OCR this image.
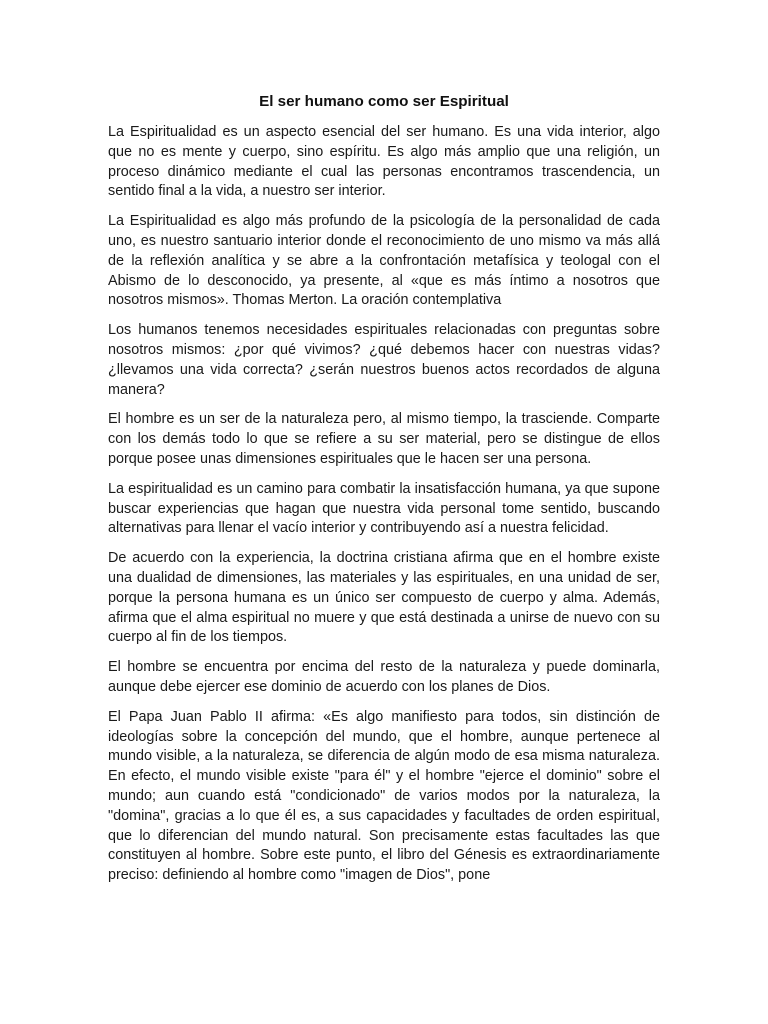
El ser humano como ser Espiritual

La Espiritualidad es un aspecto esencial del ser humano. Es una vida interior, algo que no es mente y cuerpo, sino espíritu. Es algo más amplio que una religión, un proceso dinámico mediante el cual las personas encontramos trascendencia, un sentido final a la vida, a nuestro ser interior.

La Espiritualidad es algo más profundo de la psicología de la personalidad de cada uno, es nuestro santuario interior donde el reconocimiento de uno mismo va más allá de la reflexión analítica y se abre a la confrontación metafísica y teologal con el Abismo de lo desconocido, ya presente, al «que es más íntimo a nosotros que nosotros mismos». Thomas Merton. La oración contemplativa

Los humanos tenemos necesidades espirituales relacionadas con preguntas sobre nosotros mismos: ¿por qué vivimos? ¿qué debemos hacer con nuestras vidas? ¿llevamos una vida correcta? ¿serán nuestros buenos actos recordados de alguna manera?

El hombre es un ser de la naturaleza pero, al mismo tiempo, la trasciende. Comparte con los demás todo lo que se refiere a su ser material, pero se distingue de ellos porque posee unas dimensiones espirituales que le hacen ser una persona.

La espiritualidad es un camino para combatir la insatisfacción humana, ya que supone buscar experiencias que hagan que nuestra vida personal tome sentido, buscando alternativas para llenar el vacío interior y contribuyendo así a nuestra felicidad.

De acuerdo con la experiencia, la doctrina cristiana afirma que en el hombre existe una dualidad de dimensiones, las materiales y las espirituales, en una unidad de ser, porque la persona humana es un único ser compuesto de cuerpo y alma. Además, afirma que el alma espiritual no muere y que está destinada a unirse de nuevo con su cuerpo al fin de los tiempos.

El hombre se encuentra por encima del resto de la naturaleza y puede dominarla, aunque debe ejercer ese dominio de acuerdo con los planes de Dios.

El Papa Juan Pablo II afirma: «Es algo manifiesto para todos, sin distinción de ideologías sobre la concepción del mundo, que el hombre, aunque pertenece al mundo visible, a la naturaleza, se diferencia de algún modo de esa misma naturaleza. En efecto, el mundo visible existe "para él" y el hombre "ejerce el dominio" sobre el mundo; aun cuando está "condicionado" de varios modos por la naturaleza, la "domina", gracias a lo que él es, a sus capacidades y facultades de orden espiritual, que lo diferencian del mundo natural. Son precisamente estas facultades las que constituyen al hombre. Sobre este punto, el libro del Génesis es extraordinariamente preciso: definiendo al hombre como "imagen de Dios", pone
